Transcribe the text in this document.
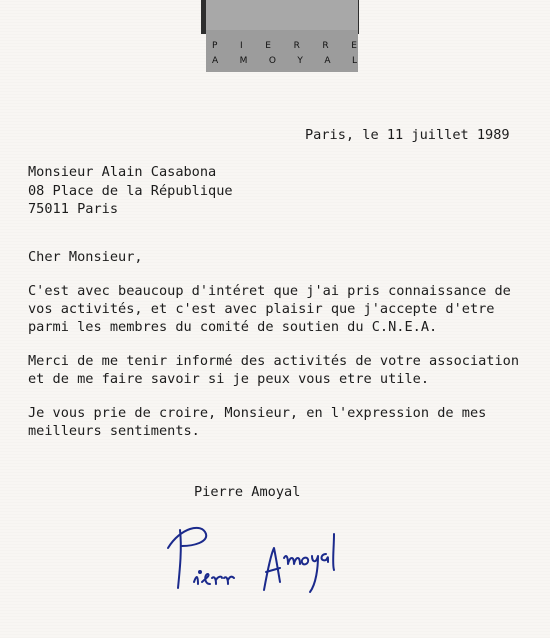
P	I	E	R	R	E
A M O Y A L
Paris, le 11 juillet 1989
Monsieur Alain Casabona
08 Place de la République
75011 Paris
Cher Monsieur,
C'est avec beaucoup d'intéret que j'ai pris connaissance de
vos activités, et c'est avec plaisir que j'accepte d'etre
parmi les membres du comité de soutien du C.N.E.A.
Merci de me tenir informé des activités de votre association
et de me faire savoir si je peux vous etre utile.
Je vous prie de croire, Monsieur, en l'expression de mes
meilleurs sentiments.
Pierre Amoyal
